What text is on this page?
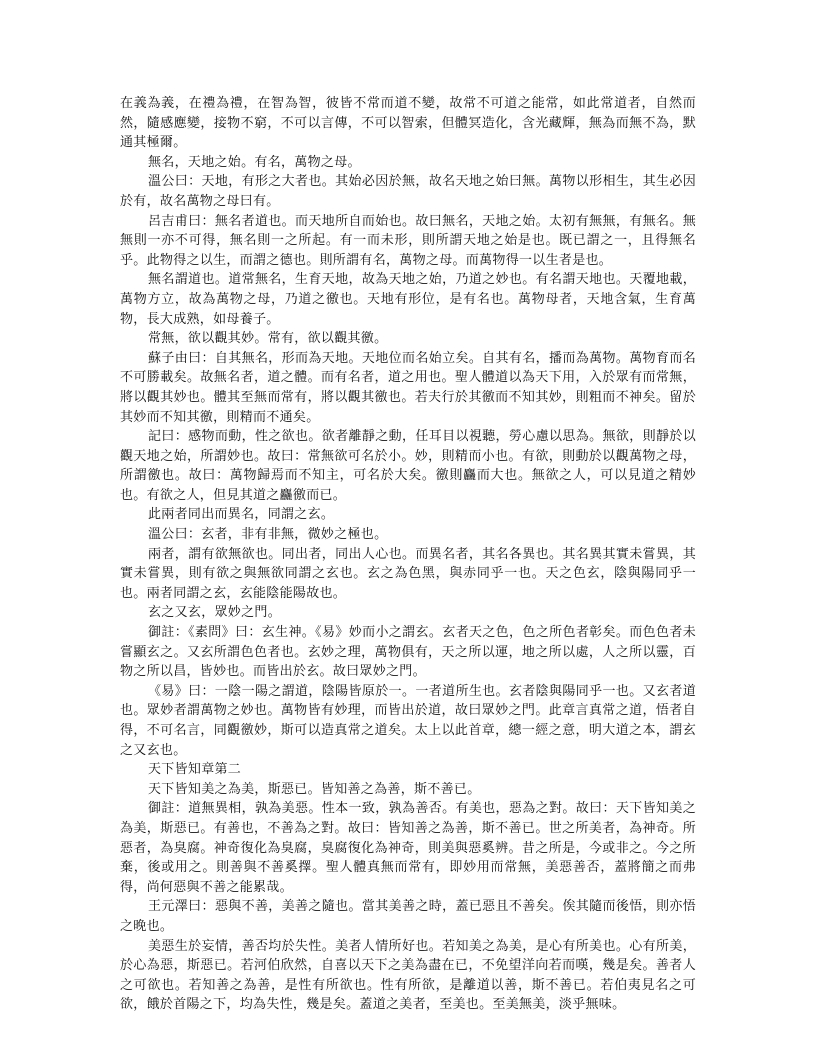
在義為義，在禮為禮，在智為智，彼皆不常而道不變，故常不可道之能常，如此常道者，自然而然，隨感應變，接物不窮，不可以言傳，不可以智索，但體冥造化，含光藏輝，無為而無不為，默通其極爾。

無名，天地之始。有名，萬物之母。

溫公曰：天地，有形之大者也。其始必因於無，故名天地之始曰無。萬物以形相生，其生必因於有，故名萬物之母曰有。

呂吉甫曰：無名者道也。而天地所自而始也。故曰無名，天地之始。太初有無無，有無名。無無則一亦不可得，無名則一之所起。有一而未形，則所謂天地之始是也。既已謂之一，且得無名乎。此物得之以生，而謂之德也。則所謂有名，萬物之母。而萬物得一以生者是也。

無名謂道也。道常無名，生育天地，故為天地之始，乃道之妙也。有名謂天地也。天覆地載，萬物方立，故為萬物之母，乃道之徼也。天地有形位，是有名也。萬物母者，天地含氣，生育萬物，長大成熟，如母養子。

常無，欲以觀其妙。常有，欲以觀其徼。

蘇子由曰：自其無名，形而為天地。天地位而名始立矣。自其有名，播而為萬物。萬物育而名不可勝載矣。故無名者，道之體。而有名者，道之用也。聖人體道以為天下用，入於眾有而常無，將以觀其妙也。體其至無而常有，將以觀其徼也。若夫行於其徼而不知其妙，則粗而不神矣。留於其妙而不知其徼，則精而不通矣。

記曰：感物而動，性之欲也。欲者離靜之動，任耳目以視聽，勞心慮以思為。無欲，則靜於以觀天地之始，所謂妙也。故曰：常無欲可名於小。妙，則精而小也。有欲，則動於以觀萬物之母，所謂徼也。故曰：萬物歸焉而不知主，可名於大矣。徼則麤而大也。無欲之人，可以見道之精妙也。有欲之人，但見其道之麤徼而已。

此兩者同出而異名，同謂之玄。

溫公曰：玄者，非有非無，微妙之極也。

兩者，謂有欲無欲也。同出者，同出人心也。而異名者，其名各異也。其名異其實未嘗異，其實未嘗異，則有欲之與無欲同謂之玄也。玄之為色黑，與赤同乎一也。天之色玄，陰與陽同乎一也。兩者同謂之玄，玄能陰能陽故也。

玄之又玄，眾妙之門。

御註：《素問》曰：玄生神。《易》妙而小之謂玄。玄者天之色，色之所色者彰矣。而色色者未嘗顯玄之。又玄所謂色色者也。玄妙之理，萬物俱有，天之所以運，地之所以處，人之所以靈，百物之所以昌，皆妙也。而皆出於玄。故曰眾妙之門。

《易》曰：一陰一陽之謂道，陰陽皆原於一。一者道所生也。玄者陰與陽同乎一也。又玄者道也。眾妙者謂萬物之妙也。萬物皆有妙理，而皆出於道，故曰眾妙之門。此章言真常之道，悟者自得，不可名言，同觀徼妙，斯可以造真常之道矣。太上以此首章，總一經之意，明大道之本，謂玄之又玄也。

天下皆知章第二

天下皆知美之為美，斯惡已。皆知善之為善，斯不善已。

御註：道無異相，孰為美惡。性本一致，孰為善否。有美也，惡為之對。故曰：天下皆知美之為美，斯惡已。有善也，不善為之對。故曰：皆知善之為善，斯不善已。世之所美者，為神奇。所惡者，為臭腐。神奇復化為臭腐，臭腐復化為神奇，則美與惡奚辨。昔之所是，今或非之。今之所棄，後或用之。則善與不善奚擇。聖人體真無而常有，即妙用而常無，美惡善否，蓋將簡之而弗得，尚何惡與不善之能累哉。

王元澤曰：惡與不善，美善之隨也。當其美善之時，蓋已惡且不善矣。俟其隨而後悟，則亦悟之晚也。

美惡生於妄情，善否均於失性。美者人情所好也。若知美之為美，是心有所美也。心有所美，於心為惡，斯惡已。若河伯欣然，自喜以天下之美為盡在已，不免望洋向若而嘆，幾是矣。善者人之可欲也。若知善之為善，是性有所欲也。性有所欲，是離道以善，斯不善已。若伯夷見名之可欲，餓於首陽之下，均為失性，幾是矣。蓋道之美者，至美也。至美無美，淡乎無味。
